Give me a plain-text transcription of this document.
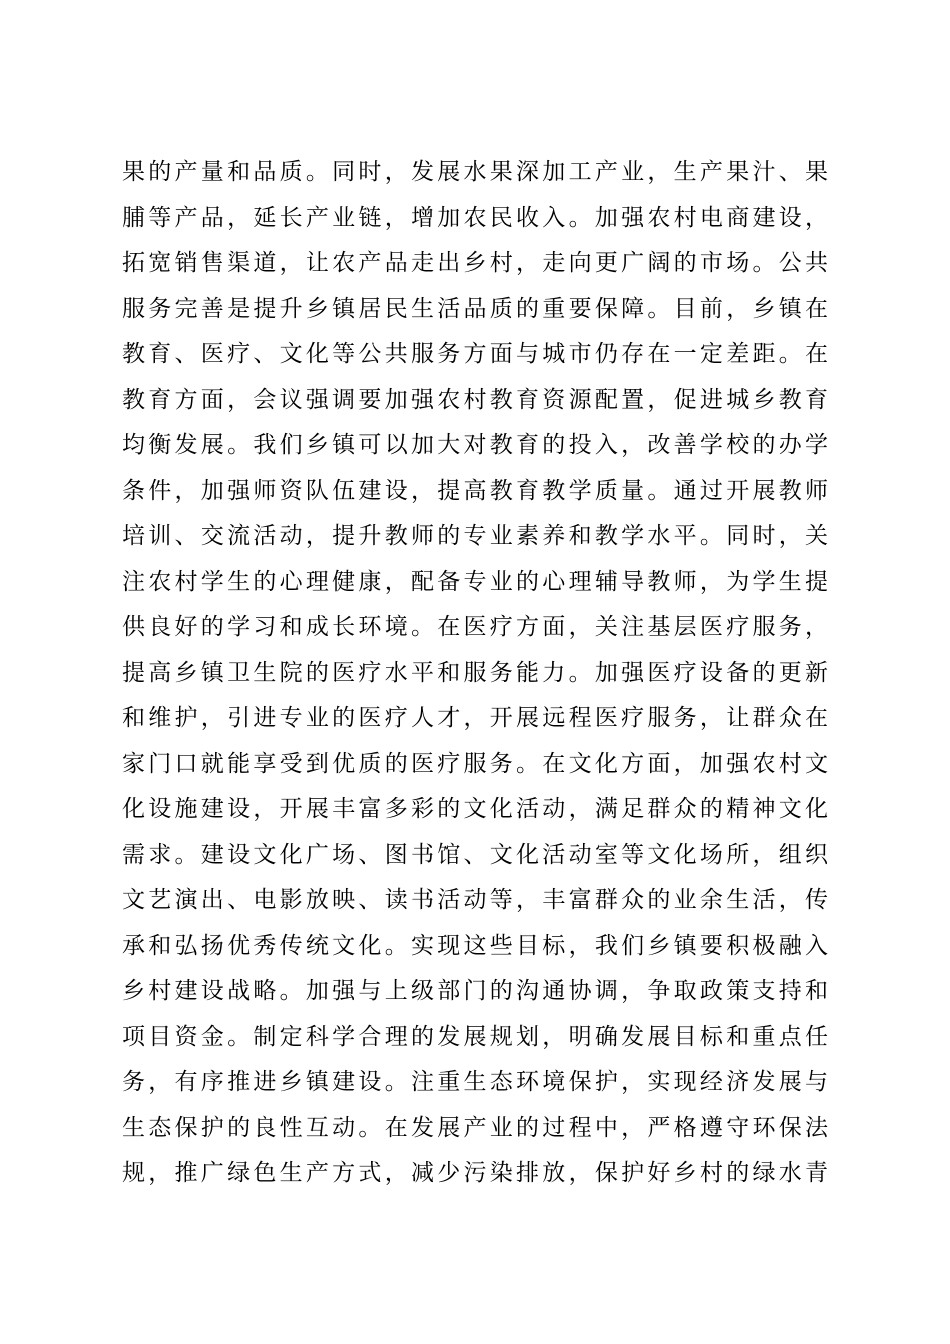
果的产量和品质。同时，发展水果深加工产业，生产果汁、果
脯等产品，延长产业链，增加农民收入。加强农村电商建设，
拓宽销售渠道，让农产品走出乡村，走向更广阔的市场。公共
服务完善是提升乡镇居民生活品质的重要保障。目前，乡镇在
教育、医疗、文化等公共服务方面与城市仍存在一定差距。在
教育方面，会议强调要加强农村教育资源配置，促进城乡教育
均衡发展。我们乡镇可以加大对教育的投入，改善学校的办学
条件，加强师资队伍建设，提高教育教学质量。通过开展教师
培训、交流活动，提升教师的专业素养和教学水平。同时，关
注农村学生的心理健康，配备专业的心理辅导教师，为学生提
供良好的学习和成长环境。在医疗方面，关注基层医疗服务，
提高乡镇卫生院的医疗水平和服务能力。加强医疗设备的更新
和维护，引进专业的医疗人才，开展远程医疗服务，让群众在
家门口就能享受到优质的医疗服务。在文化方面，加强农村文
化设施建设，开展丰富多彩的文化活动，满足群众的精神文化
需求。建设文化广场、图书馆、文化活动室等文化场所，组织
文艺演出、电影放映、读书活动等，丰富群众的业余生活，传
承和弘扬优秀传统文化。实现这些目标，我们乡镇要积极融入
乡村建设战略。加强与上级部门的沟通协调，争取政策支持和
项目资金。制定科学合理的发展规划，明确发展目标和重点任
务，有序推进乡镇建设。注重生态环境保护，实现经济发展与
生态保护的良性互动。在发展产业的过程中，严格遵守环保法
规，推广绿色生产方式，减少污染排放，保护好乡村的绿水青
